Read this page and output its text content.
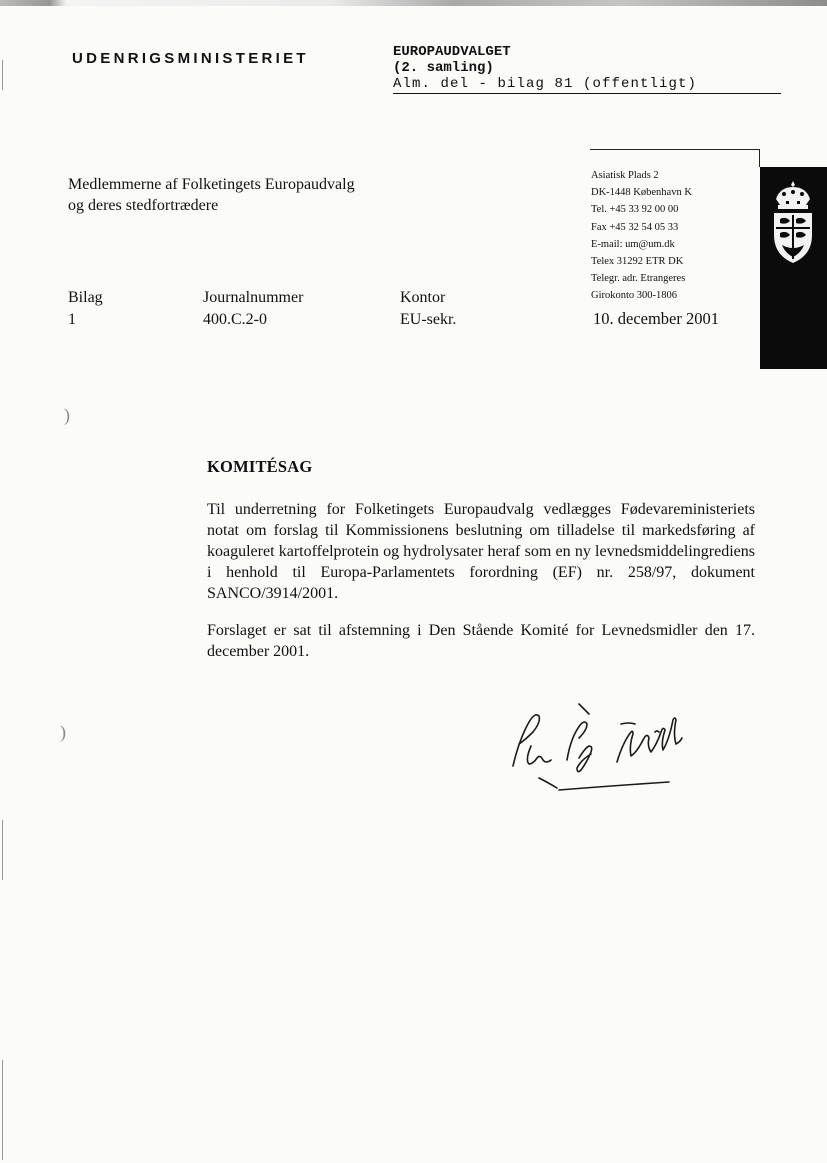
UDENRIGSMINISTERIET	EUROPAUDVALGET
(2. samling)
Alm. del - bilag 81 (offentligt)
Medlemmerne af Folketingets Europaudvalg
og deres stedfortrædere
Asiatisk Plads 2
DK-1448 København K
Tel. +45 33 92 00 00
Fax +45 32 54 05 33
E-mail: um@um.dk
Telex 31292 ETR DK
Telegr. adr. Etrangeres
Girokonto 300-1806

Bilag

1

Journalnummer

400.C.2-0

Kontor

EU-sekr.	10. december 2001

)
)
KOMITÉSAG

Til underretning for Folketingets Europaudvalg vedlægges Fødevareministeriets notat om forslag til Kommissionens beslutning om tilladelse til markedsføring af koaguleret kartoffelprotein og hydrolysater heraf som en ny levnedsmiddelingrediens i henhold til Europa-Parlamentets forordning (EF) nr. 258/97, dokument SANCO/3914/2001.

Forslaget er sat til afstemning i Den Stående Komité for Levnedsmidler den 17. december 2001.
